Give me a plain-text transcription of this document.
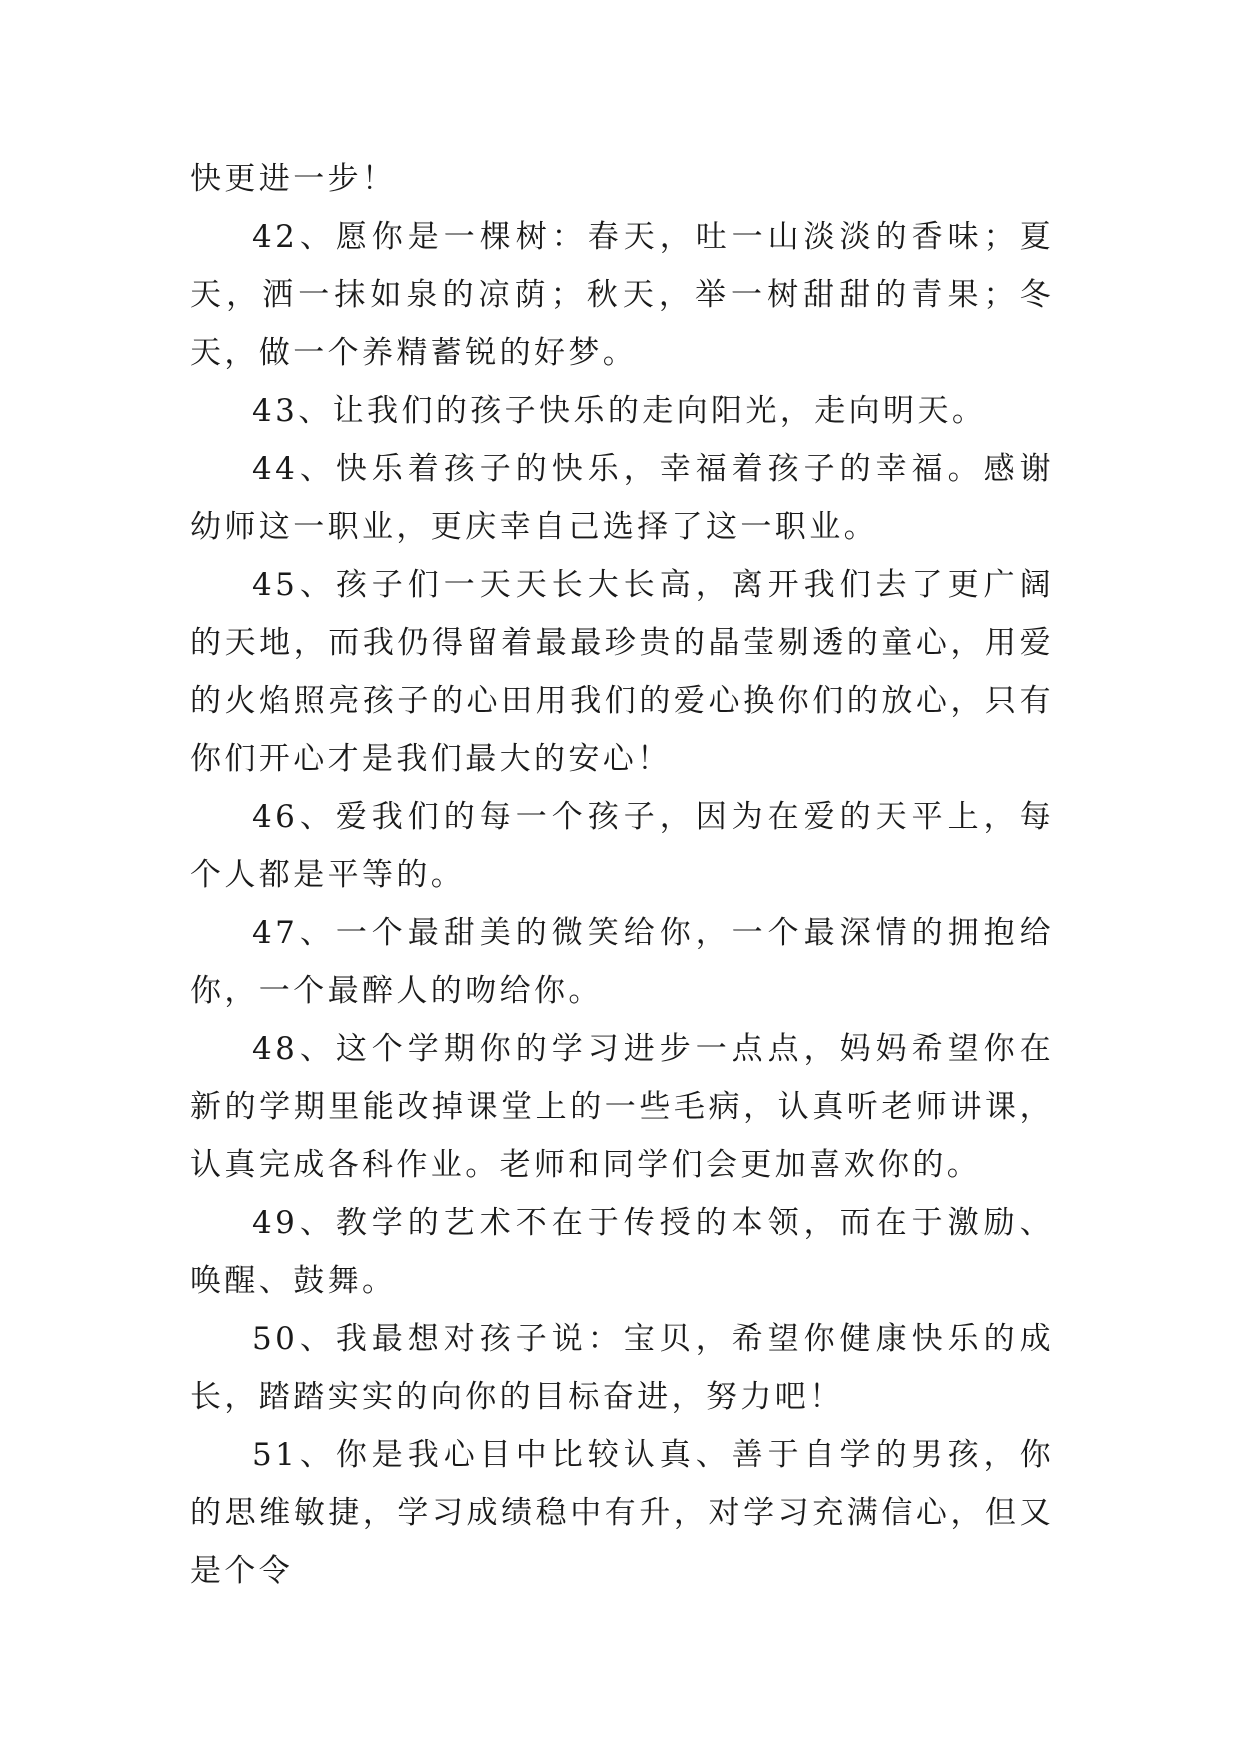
快更进一步！

42、愿你是一棵树：春天，吐一山淡淡的香味；夏天，洒一抹如泉的凉荫；秋天，举一树甜甜的青果；冬天，做一个养精蓄锐的好梦。

43、让我们的孩子快乐的走向阳光，走向明天。

44、快乐着孩子的快乐，幸福着孩子的幸福。感谢幼师这一职业，更庆幸自己选择了这一职业。

45、孩子们一天天长大长高，离开我们去了更广阔的天地，而我仍得留着最最珍贵的晶莹剔透的童心，用爱的火焰照亮孩子的心田用我们的爱心换你们的放心，只有你们开心才是我们最大的安心！

46、爱我们的每一个孩子，因为在爱的天平上，每个人都是平等的。

47、一个最甜美的微笑给你，一个最深情的拥抱给你，一个最醉人的吻给你。

48、这个学期你的学习进步一点点，妈妈希望你在新的学期里能改掉课堂上的一些毛病，认真听老师讲课，认真完成各科作业。老师和同学们会更加喜欢你的。

49、教学的艺术不在于传授的本领，而在于激励、唤醒、鼓舞。

50、我最想对孩子说：宝贝，希望你健康快乐的成长，踏踏实实的向你的目标奋进，努力吧！

51、你是我心目中比较认真、善于自学的男孩，你的思维敏捷，学习成绩稳中有升，对学习充满信心，但又是个令
